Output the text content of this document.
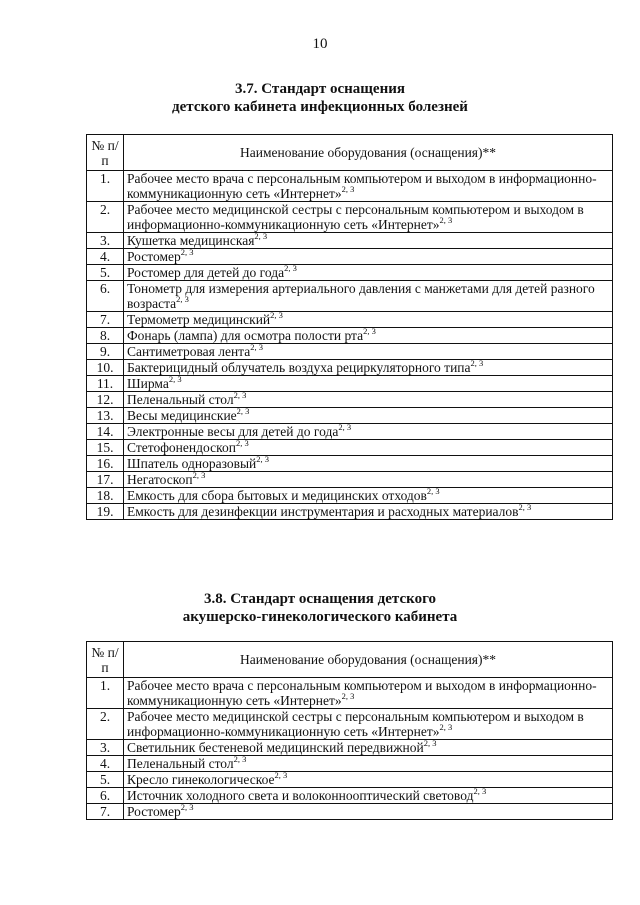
10
3.7. Стандарт оснащения
детского кабинета инфекционных болезней
№ п/п	Наименование оборудования (оснащения)**
1.	Рабочее место врача с персональным компьютером и выходом в информационно-коммуникационную сеть «Интернет»$^{2, 3}$
2.	Рабочее место медицинской сестры с персональным компьютером и выходом в информационно-коммуникационную сеть «Интернет»$^{2, 3}$
3.	Кушетка медицинская$^{2, 3}$
4.	Ростомер$^{2, 3}$
5.	Ростомер для детей до года$^{2, 3}$
6.	Тонометр для измерения артериального давления с манжетами для детей разного возраста$^{2, 3}$
7.	Термометр медицинский$^{2, 3}$
8.	Фонарь (лампа) для осмотра полости рта$^{2, 3}$
9.	Сантиметровая лента$^{2, 3}$
10.	Бактерицидный облучатель воздуха рециркуляторного типа$^{2, 3}$
11.	Ширма$^{2, 3}$
12.	Пеленальный стол$^{2, 3}$
13.	Весы медицинские$^{2, 3}$
14.	Электронные весы для детей до года$^{2, 3}$
15.	Стетофонендоскоп$^{2, 3}$
16.	Шпатель одноразовый$^{2, 3}$
17.	Негатоскоп$^{2, 3}$
18.	Емкость для сбора бытовых и медицинских отходов$^{2, 3}$
19.	Емкость для дезинфекции инструментария и расходных материалов$^{2, 3}$
3.8. Стандарт оснащения детского
акушерско-гинекологического кабинета
№ п/п	Наименование оборудования (оснащения)**
1.	Рабочее место врача с персональным компьютером и выходом в информационно-коммуникационную сеть «Интернет»$^{2, 3}$
2.	Рабочее место медицинской сестры с персональным компьютером и выходом в информационно-коммуникационную сеть «Интернет»$^{2, 3}$
3.	Светильник бестеневой медицинский передвижной$^{2, 3}$
4.	Пеленальный стол$^{2, 3}$
5.	Кресло гинекологическое$^{2, 3}$
6.	Источник холодного света и волоконнооптический световод$^{2, 3}$
7.	Ростомер$^{2, 3}$
